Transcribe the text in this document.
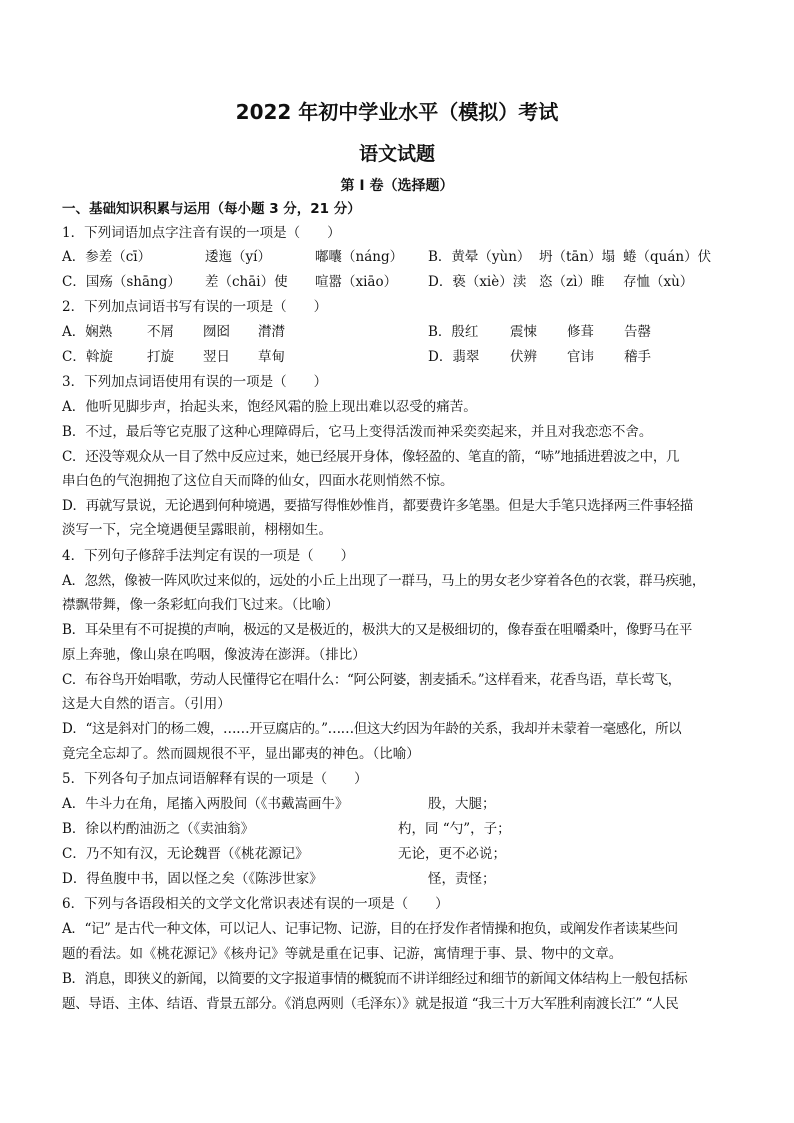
2022 年初中学业水平（模拟）考试
语文试题
第 I 卷（选择题）
一、基础知识积累与运用（每小题 3 分，21 分）
1．下列词语加点字注音有误的一项是（　　）
A．参差（cī）	逶迤（yí）	嘟囔（náng） B．黄晕（yùn） 坍（tān）塌 蜷（quán）伏
C．国殇（shāng） 差（chāi）使 喧嚣（xiāo） D．亵（xiè）渎 恣（zì）睢 存恤（xù）
2．下列加点词语书写有误的一项是（　　）
A．娴熟	不屑 囫囵 潸潸	B．殷红 震悚 修葺 告罄
C．斡旋	打旋 翌日 草甸	D．翡翠 伏辨 官讳 稽手
3．下列加点词语使用有误的一项是（　　）
A．他听见脚步声，抬起头来，饱经风霜的脸上现出难以忍受的痛苦。
B．不过，最后等它克服了这种心理障碍后，它马上变得活泼而神采奕奕起来，并且对我恋恋不舍。
C．还没等观众从一目了然中反应过来，她已经展开身体，像轻盈的、笔直的箭，“哧”地插进碧波之中，几
串白色的气泡拥抱了这位自天而降的仙女，四面水花则悄然不惊。
D．再就写景说，无论遇到何种境遇，要描写得惟妙惟肖，都要费许多笔墨。但是大手笔只选择两三件事轻描
淡写一下，完全境遇便呈露眼前，栩栩如生。
4．下列句子修辞手法判定有误的一项是（　　）
A．忽然，像被一阵风吹过来似的，远处的小丘上出现了一群马，马上的男女老少穿着各色的衣裳，群马疾驰，
襟飘带舞，像一条彩虹向我们飞过来。（比喻）
B．耳朵里有不可捉摸的声响，极远的又是极近的，极洪大的又是极细切的，像春蚕在咀嚼桑叶，像野马在平
原上奔驰，像山泉在呜咽，像波涛在澎湃。（排比）
C．布谷鸟开始唱歌，劳动人民懂得它在唱什么：“阿公阿婆，割麦插禾。”这样看来，花香鸟语，草长莺飞，
这是大自然的语言。（引用）
D．“这是斜对门的杨二嫂，……开豆腐店的。”……但这大约因为年龄的关系，我却并未蒙着一毫感化，所以
竟完全忘却了。然而圆规很不平，显出鄙夷的神色。（比喻）
5．下列各句子加点词语解释有误的一项是（　　）
A．牛斗力在角，尾搐入两股间（《书戴嵩画牛》	股，大腿；
B．徐以杓酌油沥之（《卖油翁》	杓，同 “勺”，子；
C．乃不知有汉，无论魏晋（《桃花源记》	无论，更不必说；
D．得鱼腹中书，固以怪之矣（《陈涉世家》	怪，责怪；
6．下列与各语段相关的文学文化常识表述有误的一项是（　　）
A．“记” 是古代一种文体，可以记人、记事记物、记游，目的在抒发作者情操和抱负，或阐发作者读某些问
题的看法。如《桃花源记》《核舟记》等就是重在记事、记游，寓情理于事、景、物中的文章。
B．消息，即狭义的新闻，以简要的文字报道事情的概貌而不讲详细经过和细节的新闻文体结构上一般包括标
题、导语、主体、结语、背景五部分。《消息两则（毛泽东）》就是报道 “我三十万大军胜利南渡长江” “人民
